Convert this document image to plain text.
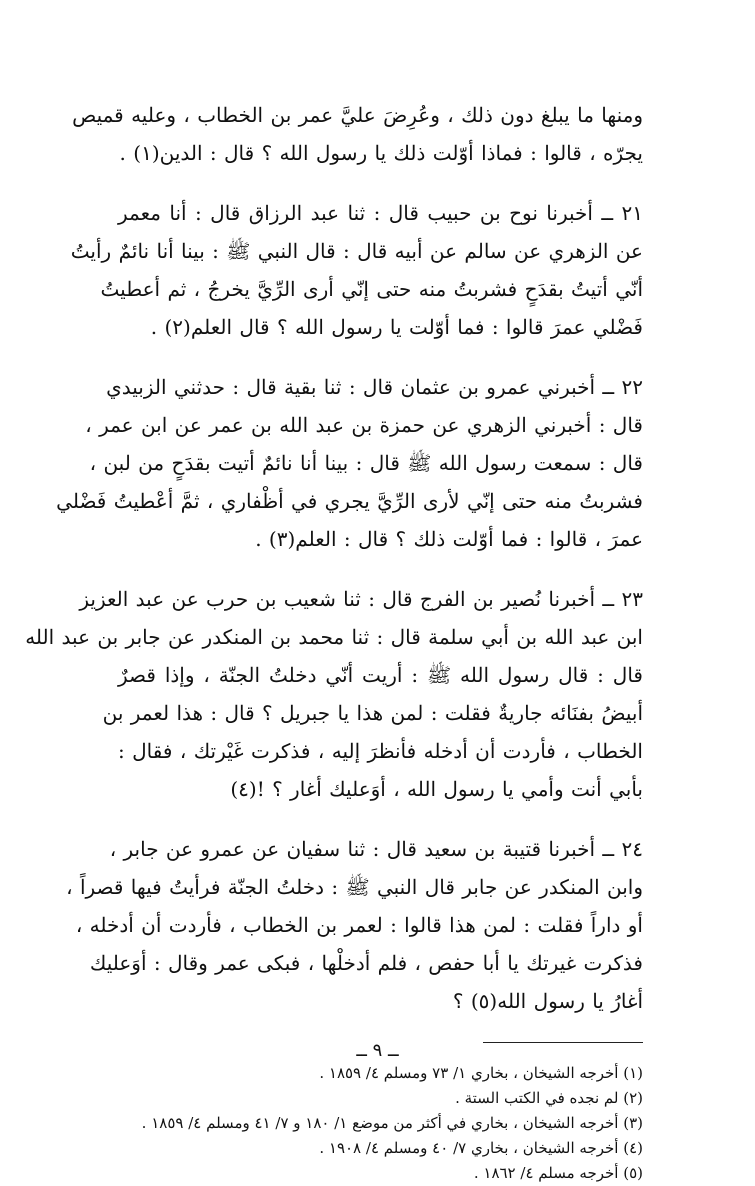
ومنها ما يبلغ دون ذلك ، وعُرِضَ عليَّ عمر بن الخطاب ، وعليه قميص
يجرّه ، قالوا : فماذا أوّلت ذلك يا رسول الله ؟ قال : الدين(١) .
٢١ ــ أخبرنا نوح بن حبيب قال : ثنا عبد الرزاق قال : أنا معمر
عن الزهري عن سالم عن أبيه قال : قال النبي ﷺ : بينا أنا نائمٌ رأيتُ
أنّي أتيتُ بقدَحٍ فشربتُ منه حتى إنّي أرى الرِّيَّ يخرجُ ، ثم أعطيتُ
فَضْلي عمرَ قالوا : فما أوّلت يا رسول الله ؟ قال العلم(٢) .
٢٢ ــ أخبرني عمرو بن عثمان قال : ثنا بقية قال : حدثني الزبيدي
قال : أخبرني الزهري عن حمزة بن عبد الله بن عمر عن ابن عمر ،
قال : سمعت رسول الله ﷺ قال : بينا أنا نائمٌ أتيت بقدَحٍ من لبن ،
فشربتُ منه حتى إنّي لأرى الرِّيَّ يجري في أظْفاري ، ثمَّ أعْطيتُ فَضْلي
عمرَ ، قالوا : فما أوّلت ذلك ؟ قال : العلم(٣) .
٢٣ ــ أخبرنا نُصير بن الفرج قال : ثنا شعيب بن حرب عن عبد العزيز
ابن عبد الله بن أبي سلمة قال : ثنا محمد بن المنكدر عن جابر بن عبد الله
قال : قال رسول الله ﷺ : أريت أنّي دخلتُ الجنّة ، وإذا قصرٌ
أبيضُ بفنَائه جاريةٌ فقلت : لمن هذا يا جبريل ؟ قال : هذا لعمر بن
الخطاب ، فأردت أن أدخله فأنظرَ إليه ، فذكرت غَيْرتك ، فقال :
بأبي أنت وأمي يا رسول الله ، أوَعليك أغار ؟ !(٤)
٢٤ ــ أخبرنا قتيبة بن سعيد قال : ثنا سفيان عن عمرو عن جابر ،
وابن المنكدر عن جابر قال النبي ﷺ : دخلتُ الجنّة فرأيتُ فيها قصراً ،
أو داراً فقلت : لمن هذا قالوا : لعمر بن الخطاب ، فأردت أن أدخله ،
فذكرت غيرتك يا أبا حفص ، فلم أدخلْها ، فبكى عمر وقال : أوَعليك
أغارُ يا رسول الله(٥) ؟
(١) أخرجه الشيخان ، بخاري ١/ ٧٣ ومسلم ٤/ ١٨٥٩ .
(٢) لم نجده في الكتب الستة .
(٣) أخرجه الشيخان ، بخاري في أكثر من موضع ١/ ١٨٠ و ٧/ ٤١ ومسلم ٤/ ١٨٥٩ .
(٤) أخرجه الشيخان ، بخاري ٧/ ٤٠ ومسلم ٤/ ١٩٠٨ .
(٥) أخرجه مسلم ٤/ ١٨٦٢ .
ــ ٩ ــ
